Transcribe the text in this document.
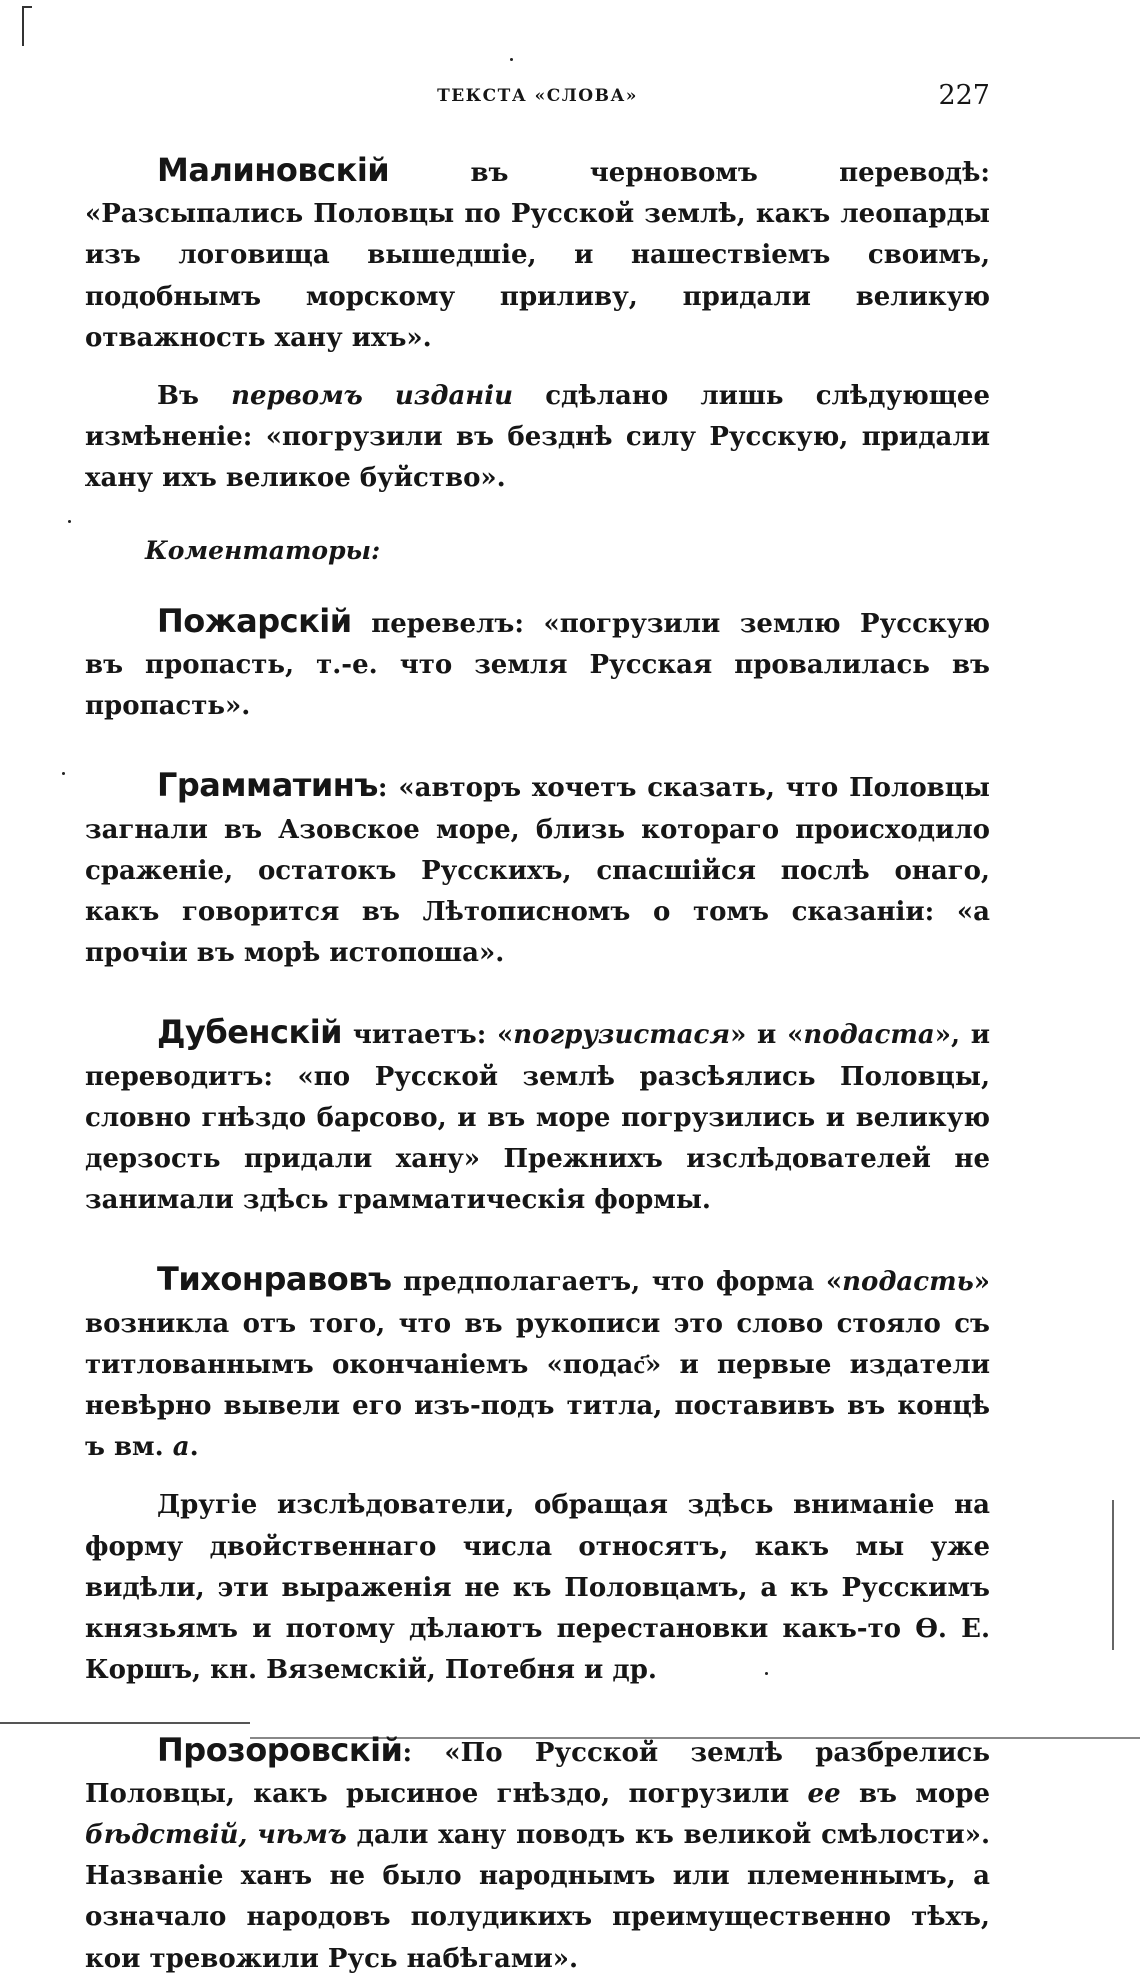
ТЕКСТА «СЛОВА»	227

Малиновскій въ черновомъ переводѣ: «Разсыпались Половцы по Русской землѣ, какъ леопарды изъ логовища вышедшіе, и нашествіемъ своимъ, подобнымъ морскому приливу, придали великую отважность хану ихъ».

Въ первомъ изданіи сдѣлано лишь слѣдующее измѣненіе: «погрузили въ безднѣ силу Русскую, придали хану ихъ великое буйство».

Коментаторы:

Пожарскій перевелъ: «погрузили землю Русскую въ пропасть, т.-е. что земля Русская провалилась въ пропасть».

Грамматинъ: «авторъ хочетъ сказать, что Половцы загнали въ Азовское море, близь котораго происходило сраженіе, остатокъ Русскихъ, спасшійся послѣ онаго, какъ говорится въ Лѣтописномъ о томъ сказаніи: «а прочіи въ морѣ истопоша».

Дубенскій читаетъ: «погрузистася» и «подаста», и переводитъ: «по Русской землѣ разсѣялись Половцы, словно гнѣздо барсово, и въ море погрузились и великую дерзость придали хану» Прежнихъ изслѣдователей не занимали здѣсь грамматическія формы.

Тихонравовъ предполагаетъ, что форма «подасть» возникла отъ того, что въ рукописи это слово стояло съ титлованнымъ окончаніемъ «подас҃» и первые издатели невѣрно вывели его изъ-подъ титла, поставивъ въ концѣ ъ вм. а.

Другіе изслѣдователи, обращая здѣсь вниманіе на форму двойственнаго числа относятъ, какъ мы уже видѣли, эти выраженія не къ Половцамъ, а къ Русскимъ князьямъ и потому дѣлаютъ перестановки какъ-то Ѳ. Е. Коршъ, кн. Вяземскій, Потебня и др.

Прозоровскій: «По Русской землѣ разбрелись Половцы, какъ рысиное гнѣздо, погрузили ее въ море бѣдствій, чѣмъ дали хану поводъ къ великой смѣлости». Названіе ханъ не было народнымъ или племеннымъ, а означало народовъ полудикихъ преимущественно тѣхъ, кои тревожили Русь набѣгами».
